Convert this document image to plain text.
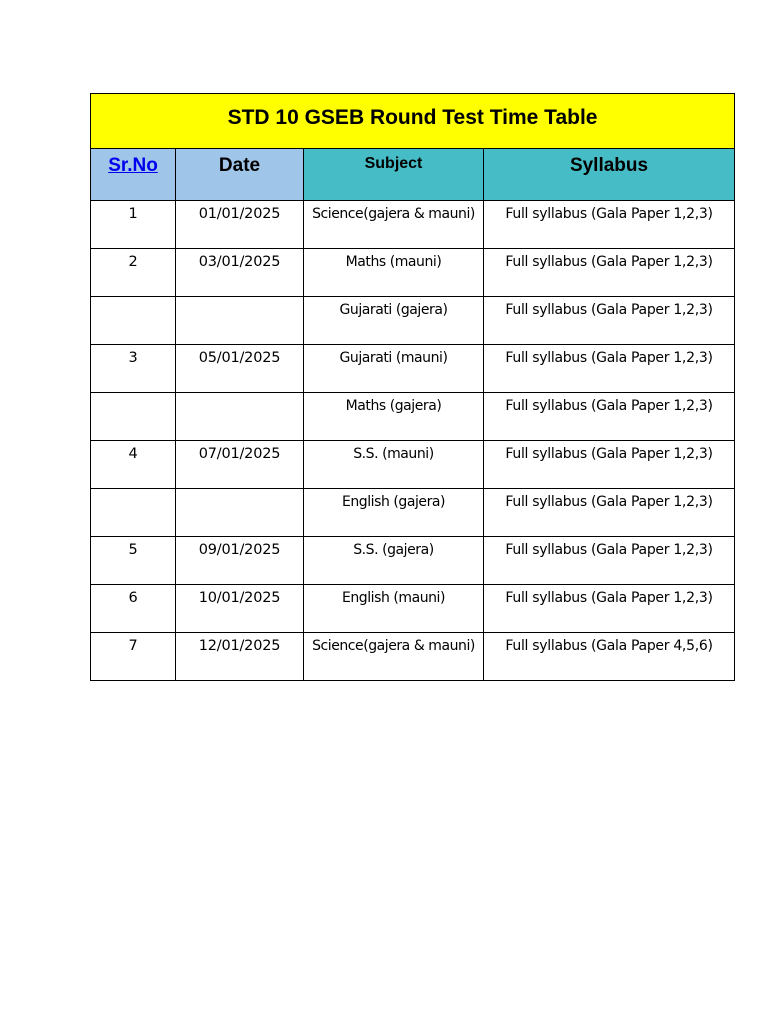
STD 10 GSEB Round Test Time Table			
Sr.No	Date	Subject	Syllabus
1	01/01/2025	Science(gajera & mauni)	Full syllabus (Gala Paper 1,2,3)
2	03/01/2025	Maths (mauni)	Full syllabus (Gala Paper 1,2,3)
		Gujarati (gajera)	Full syllabus (Gala Paper 1,2,3)
3	05/01/2025	Gujarati (mauni)	Full syllabus (Gala Paper 1,2,3)
		Maths (gajera)	Full syllabus (Gala Paper 1,2,3)
4	07/01/2025	S.S. (mauni)	Full syllabus (Gala Paper 1,2,3)
		English (gajera)	Full syllabus (Gala Paper 1,2,3)
5	09/01/2025	S.S. (gajera)	Full syllabus (Gala Paper 1,2,3)
6	10/01/2025	English (mauni)	Full syllabus (Gala Paper 1,2,3)
7	12/01/2025	Science(gajera & mauni)	Full syllabus (Gala Paper 4,5,6)
